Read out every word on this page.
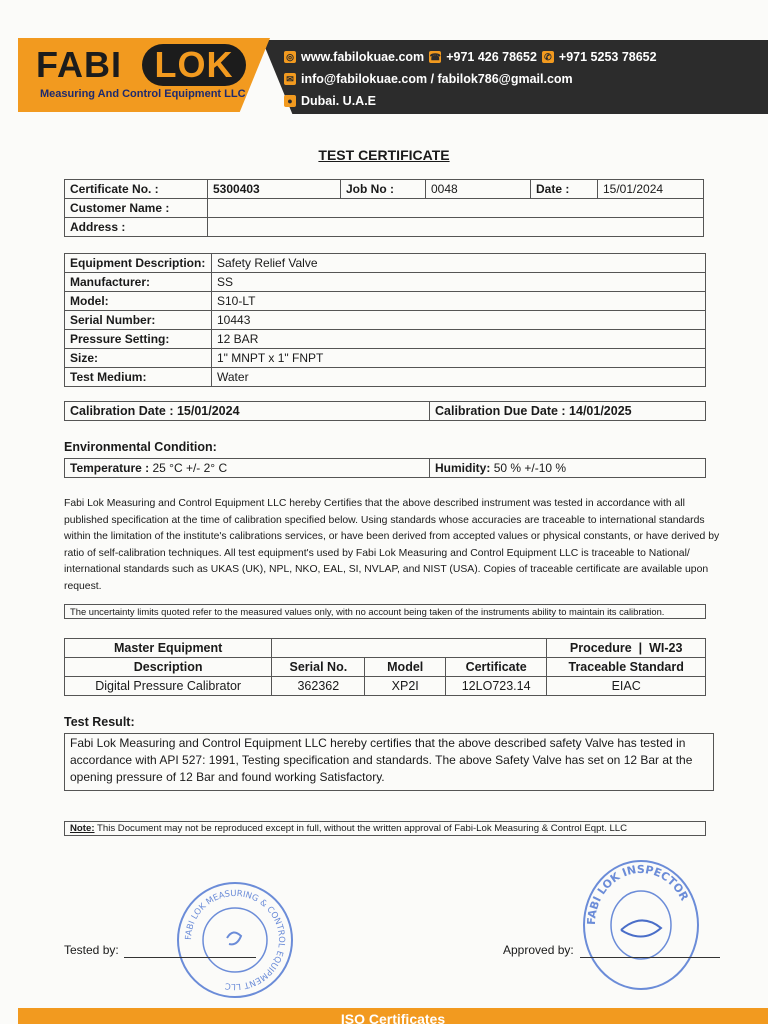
FABI LOK
Measuring And Control Equipment LLC
◎ www.fabilokuae.com ☎ +971 426 78652 ✆ +971 5253 78652
✉ info@fabilokuae.com / fabilok786@gmail.com
● Dubai. U.A.E
TEST CERTIFICATE
Certificate No. :	5300403	Job No :	0048	Date :	15/01/2024
Customer Name :					
Address :					
Equipment Description:	Safety Relief Valve
Manufacturer:	SS
Model:	S10-LT
Serial Number:	10443
Pressure Setting:	12 BAR
Size:	1" MNPT x 1" FNPT
Test Medium:	Water
Calibration Date : 15/01/2024	Calibration Due Date : 14/01/2025
Environmental Condition:
Temperature : 25 °C +/- 2° C	Humidity: 50 % +/-10 %
Fabi Lok Measuring and Control Equipment LLC hereby Certifies that the above described instrument was tested in accordance with all published specification at the time of calibration specified below. Using standards whose accuracies are traceable to international standards within the limitation of the institute's calibrations services, or have been derived from accepted values or physical constants, or have derived by ratio of self-calibration techniques. All test equipment's used by Fabi Lok Measuring and Control Equipment LLC is traceable to National/ international standards such as UKAS (UK), NPL, NKO, EAL, SI, NVLAP, and NIST (USA). Copies of traceable certificate are available upon request.
The uncertainty limits quoted refer to the measured values only, with no account being taken of the instruments ability to maintain its calibration.
Master Equipment				Procedure  |  WI-23
Description	Serial No.	Model	Certificate	Traceable Standard
Digital Pressure Calibrator	362362	XP2I	12LO723.14	EIAC
Test Result:
Fabi Lok Measuring and Control Equipment LLC hereby certifies that the above described safety Valve has tested in accordance with API 527: 1991, Testing specification and standards. The above Safety Valve has set on 12 Bar at the opening pressure of 12 Bar and found working Satisfactory.
Note: This Document may not be reproduced except in full, without the written approval of Fabi-Lok Measuring & Control Eqpt. LLC
FABI LOK MEASURING & CONTROL EQUIPMENT LLC
FABI LOK INSPECTOR
Tested by:	Approved by:
ISO Certificates
